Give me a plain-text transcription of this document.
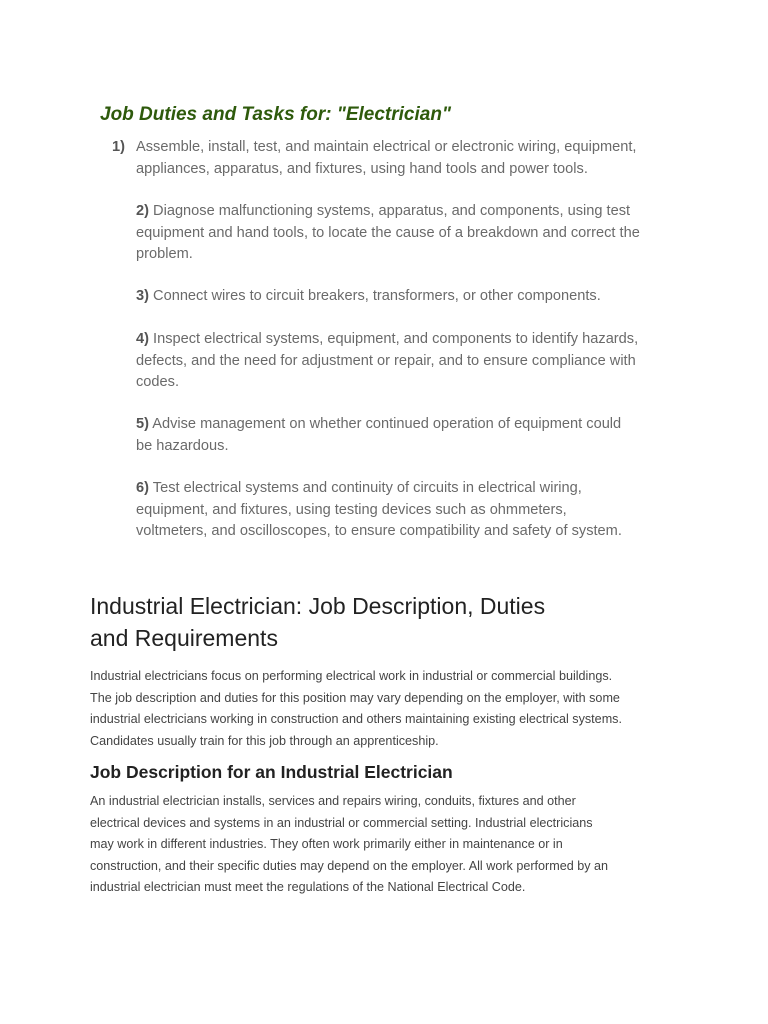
Job Duties and Tasks for: "Electrician"

1) Assemble, install, test, and maintain electrical or electronic wiring, equipment,
appliances, apparatus, and fixtures, using hand tools and power tools.

2) Diagnose malfunctioning systems, apparatus, and components, using test
equipment and hand tools, to locate the cause of a breakdown and correct the
problem.

3) Connect wires to circuit breakers, transformers, or other components.

4) Inspect electrical systems, equipment, and components to identify hazards,
defects, and the need for adjustment or repair, and to ensure compliance with
codes.

5) Advise management on whether continued operation of equipment could
be hazardous.

6) Test electrical systems and continuity of circuits in electrical wiring,
equipment, and fixtures, using testing devices such as ohmmeters,
voltmeters, and oscilloscopes, to ensure compatibility and safety of system.

Industrial Electrician: Job Description, Duties
and Requirements

Industrial electricians focus on performing electrical work in industrial or commercial buildings.
The job description and duties for this position may vary depending on the employer, with some
industrial electricians working in construction and others maintaining existing electrical systems.
Candidates usually train for this job through an apprenticeship.

Job Description for an Industrial Electrician

An industrial electrician installs, services and repairs wiring, conduits, fixtures and other
electrical devices and systems in an industrial or commercial setting. Industrial electricians
may work in different industries. They often work primarily either in maintenance or in
construction, and their specific duties may depend on the employer. All work performed by an
industrial electrician must meet the regulations of the National Electrical Code.
